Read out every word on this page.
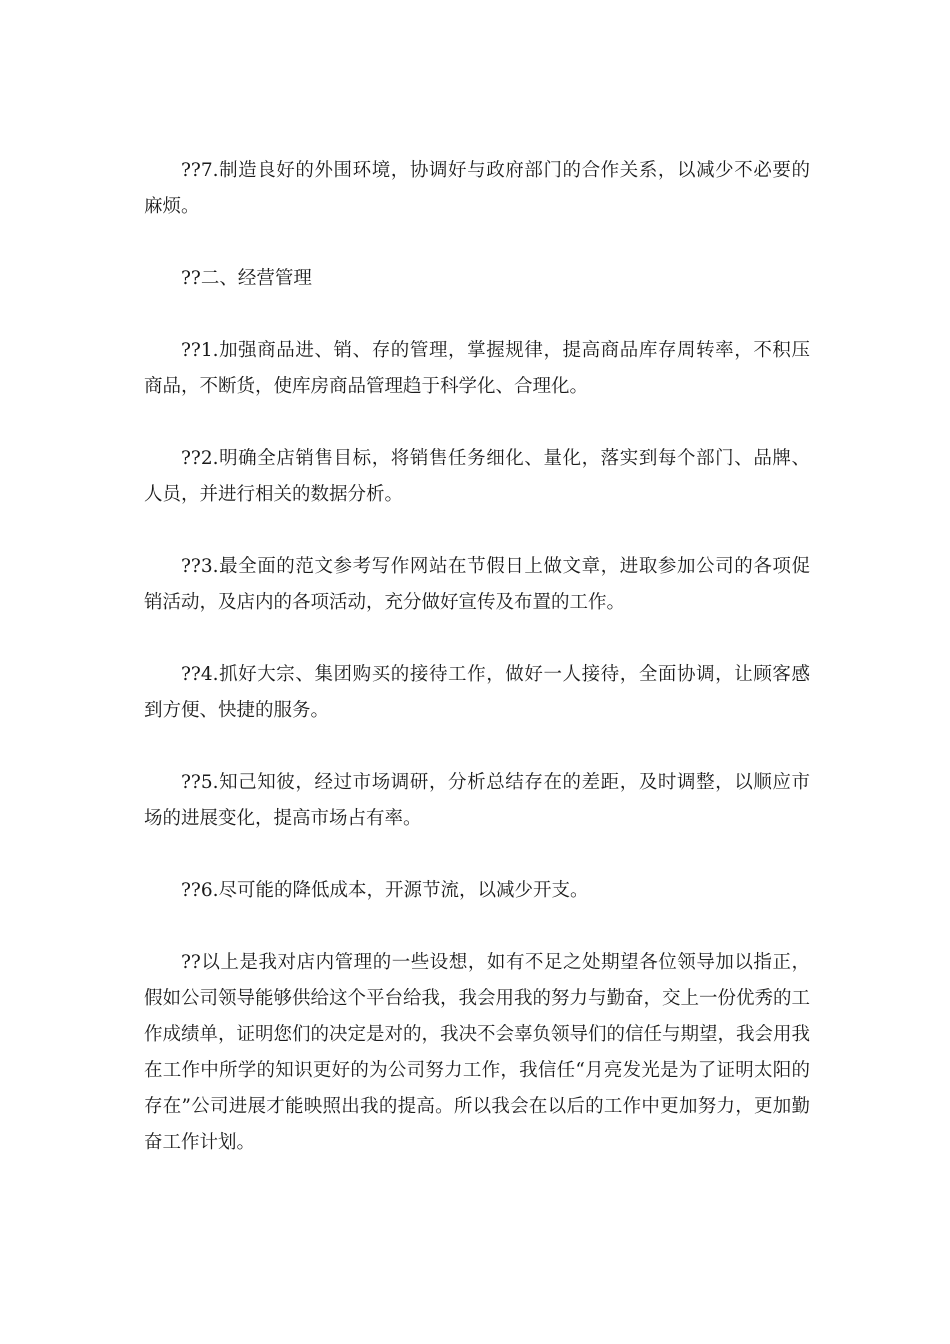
??7.制造良好的外围环境，协调好与政府部门的合作关系，以减少不必要的麻烦。

??二、经营管理

??1.加强商品进、销、存的管理，掌握规律，提高商品库存周转率，不积压商品，不断货，使库房商品管理趋于科学化、合理化。

??2.明确全店销售目标，将销售任务细化、量化，落实到每个部门、品牌、人员，并进行相关的数据分析。

??3.最全面的范文参考写作网站在节假日上做文章，进取参加公司的各项促销活动，及店内的各项活动，充分做好宣传及布置的工作。

??4.抓好大宗、集团购买的接待工作，做好一人接待，全面协调，让顾客感到方便、快捷的服务。

??5.知己知彼，经过市场调研，分析总结存在的差距，及时调整，以顺应市场的进展变化，提高市场占有率。

??6.尽可能的降低成本，开源节流，以减少开支。

??以上是我对店内管理的一些设想，如有不足之处期望各位领导加以指正，假如公司领导能够供给这个平台给我，我会用我的努力与勤奋，交上一份优秀的工作成绩单，证明您们的决定是对的，我决不会辜负领导们的信任与期望，我会用我在工作中所学的知识更好的为公司努力工作，我信任“月亮发光是为了证明太阳的存在”公司进展才能映照出我的提高。所以我会在以后的工作中更加努力，更加勤奋工作计划。
